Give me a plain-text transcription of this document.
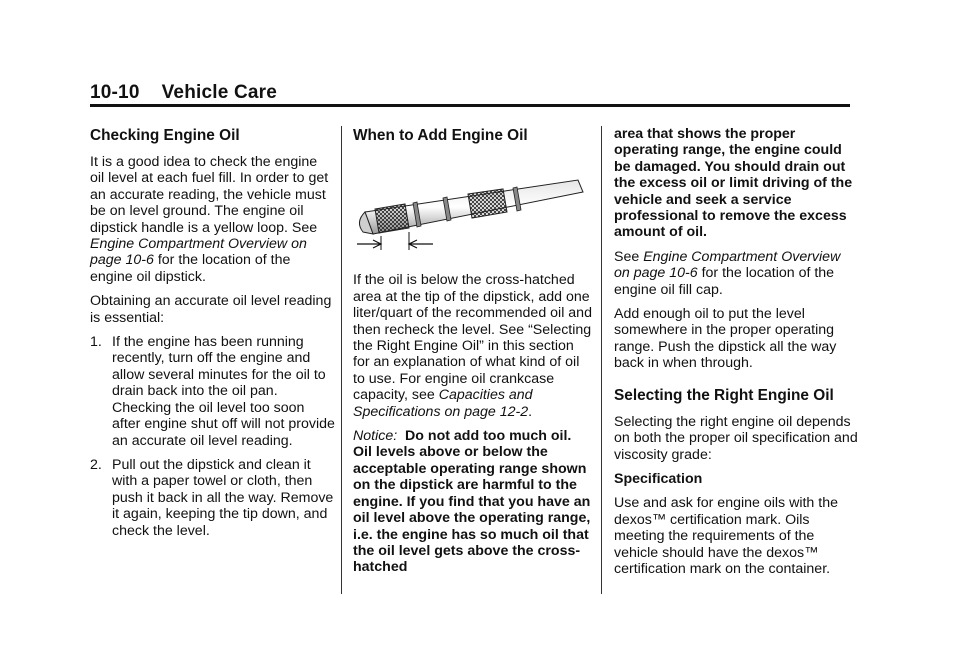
10-10 Vehicle Care
Checking Engine Oil

It is a good idea to check the engine oil level at each fuel fill. In order to get an accurate reading, the vehicle must be on level ground. The engine oil dipstick handle is a yellow loop. See Engine Compartment Overview on page 10-6 for the location of the engine oil dipstick.

Obtaining an accurate oil level reading is essential:

1. If the engine has been running recently, turn off the engine and allow several minutes for the oil to drain back into the oil pan. Checking the oil level too soon after engine shut off will not provide an accurate oil level reading.
2. Pull out the dipstick and clean it with a paper towel or cloth, then push it back in all the way. Remove it again, keeping the tip down, and check the level.
When to Add Engine Oil

If the oil is below the cross-hatched area at the tip of the dipstick, add one liter/quart of the recommended oil and then recheck the level. See “Selecting the Right Engine Oil” in this section for an explanation of what kind of oil to use. For engine oil crankcase capacity, see Capacities and Specifications on page 12-2.

Notice: Do not add too much oil. Oil levels above or below the acceptable operating range shown on the dipstick are harmful to the engine. If you find that you have an oil level above the operating range, i.e. the engine has so much oil that the oil level gets above the cross-hatched

area that shows the proper operating range, the engine could be damaged. You should drain out the excess oil or limit driving of the vehicle and seek a service professional to remove the excess amount of oil.

See Engine Compartment Overview on page 10-6 for the location of the engine oil fill cap.

Add enough oil to put the level somewhere in the proper operating range. Push the dipstick all the way back in when through.

Selecting the Right Engine Oil

Selecting the right engine oil depends on both the proper oil specification and viscosity grade:

Specification

Use and ask for engine oils with the dexos™ certification mark. Oils meeting the requirements of the vehicle should have the dexos™ certification mark on the container.
